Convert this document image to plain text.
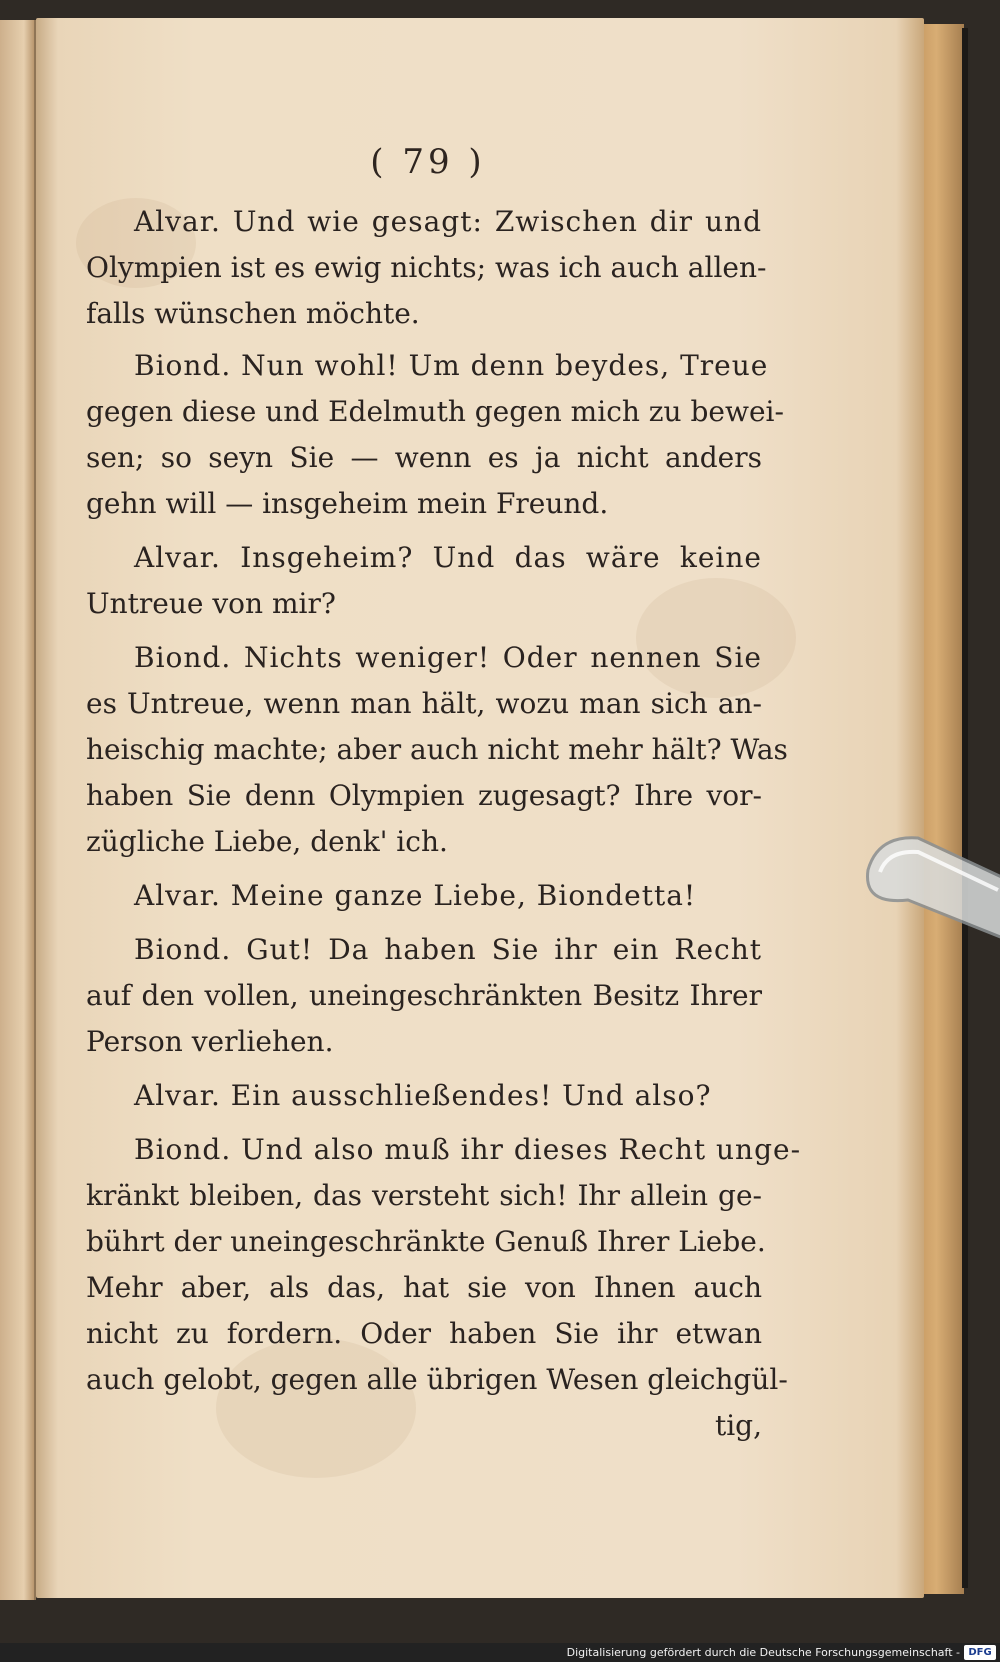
( 79 )
Alvar. Und wie gesagt: Zwischen dir und
Olympien ist es ewig nichts; was ich auch allen-
falls wünschen möchte.
Biond. Nun wohl! Um denn beydes, Treue
gegen diese und Edelmuth gegen mich zu bewei-
sen; so seyn Sie — wenn es ja nicht anders
gehn will — insgeheim mein Freund.
Alvar. Insgeheim? Und das wäre keine
Untreue von mir?
Biond. Nichts weniger! Oder nennen Sie
es Untreue, wenn man hält, wozu man sich an-
heischig machte; aber auch nicht mehr hält? Was
haben Sie denn Olympien zugesagt? Ihre vor-
zügliche Liebe, denk' ich.
Alvar. Meine ganze Liebe, Biondetta!
Biond. Gut! Da haben Sie ihr ein Recht
auf den vollen, uneingeschränkten Besitz Ihrer
Person verliehen.
Alvar. Ein ausschließendes! Und also?
Biond. Und also muß ihr dieses Recht unge-
kränkt bleiben, das versteht sich! Ihr allein ge-
bührt der uneingeschränkte Genuß Ihrer Liebe.
Mehr aber, als das, hat sie von Ihnen auch
nicht zu fordern. Oder haben Sie ihr etwan
auch gelobt, gegen alle übrigen Wesen gleichgül-
tig,
Digitalisierung gefördert durch die Deutsche Forschungsgemeinschaft - DFG
